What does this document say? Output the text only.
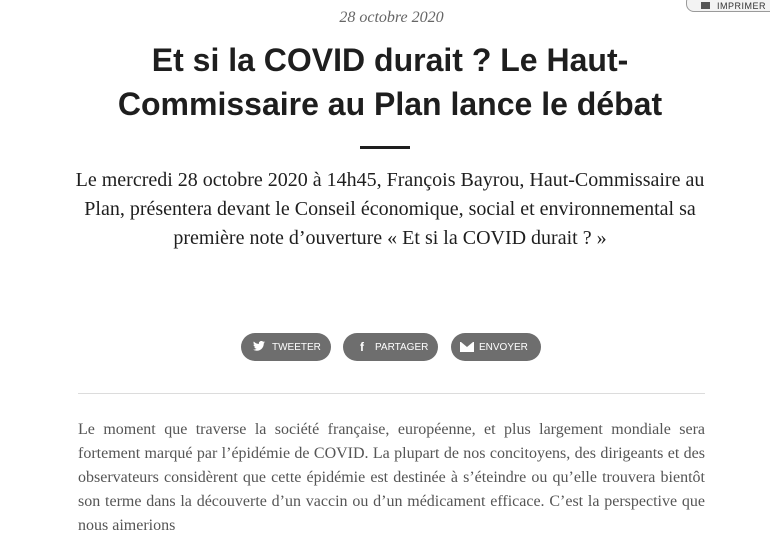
28 octobre 2020
IMPRIMER
Et si la COVID durait ? Le Haut-Commissaire au Plan lance le débat

Le mercredi 28 octobre 2020 à 14h45, François Bayrou, Haut-Commissaire au Plan, présentera devant le Conseil économique, social et environnemental sa première note d’ouverture « Et si la COVID durait ? »

TWEETER	f	PARTAGER	ENVOYER

Le moment que traverse la société française, européenne, et plus largement mondiale sera fortement marqué par l’épidémie de COVID. La plupart de nos concitoyens, des dirigeants et des observateurs considèrent que cette épidémie est destinée à s’éteindre ou qu’elle trouvera bientôt son terme dans la découverte d’un vaccin ou d’un médicament efficace. C’est la perspective que nous aimerions
